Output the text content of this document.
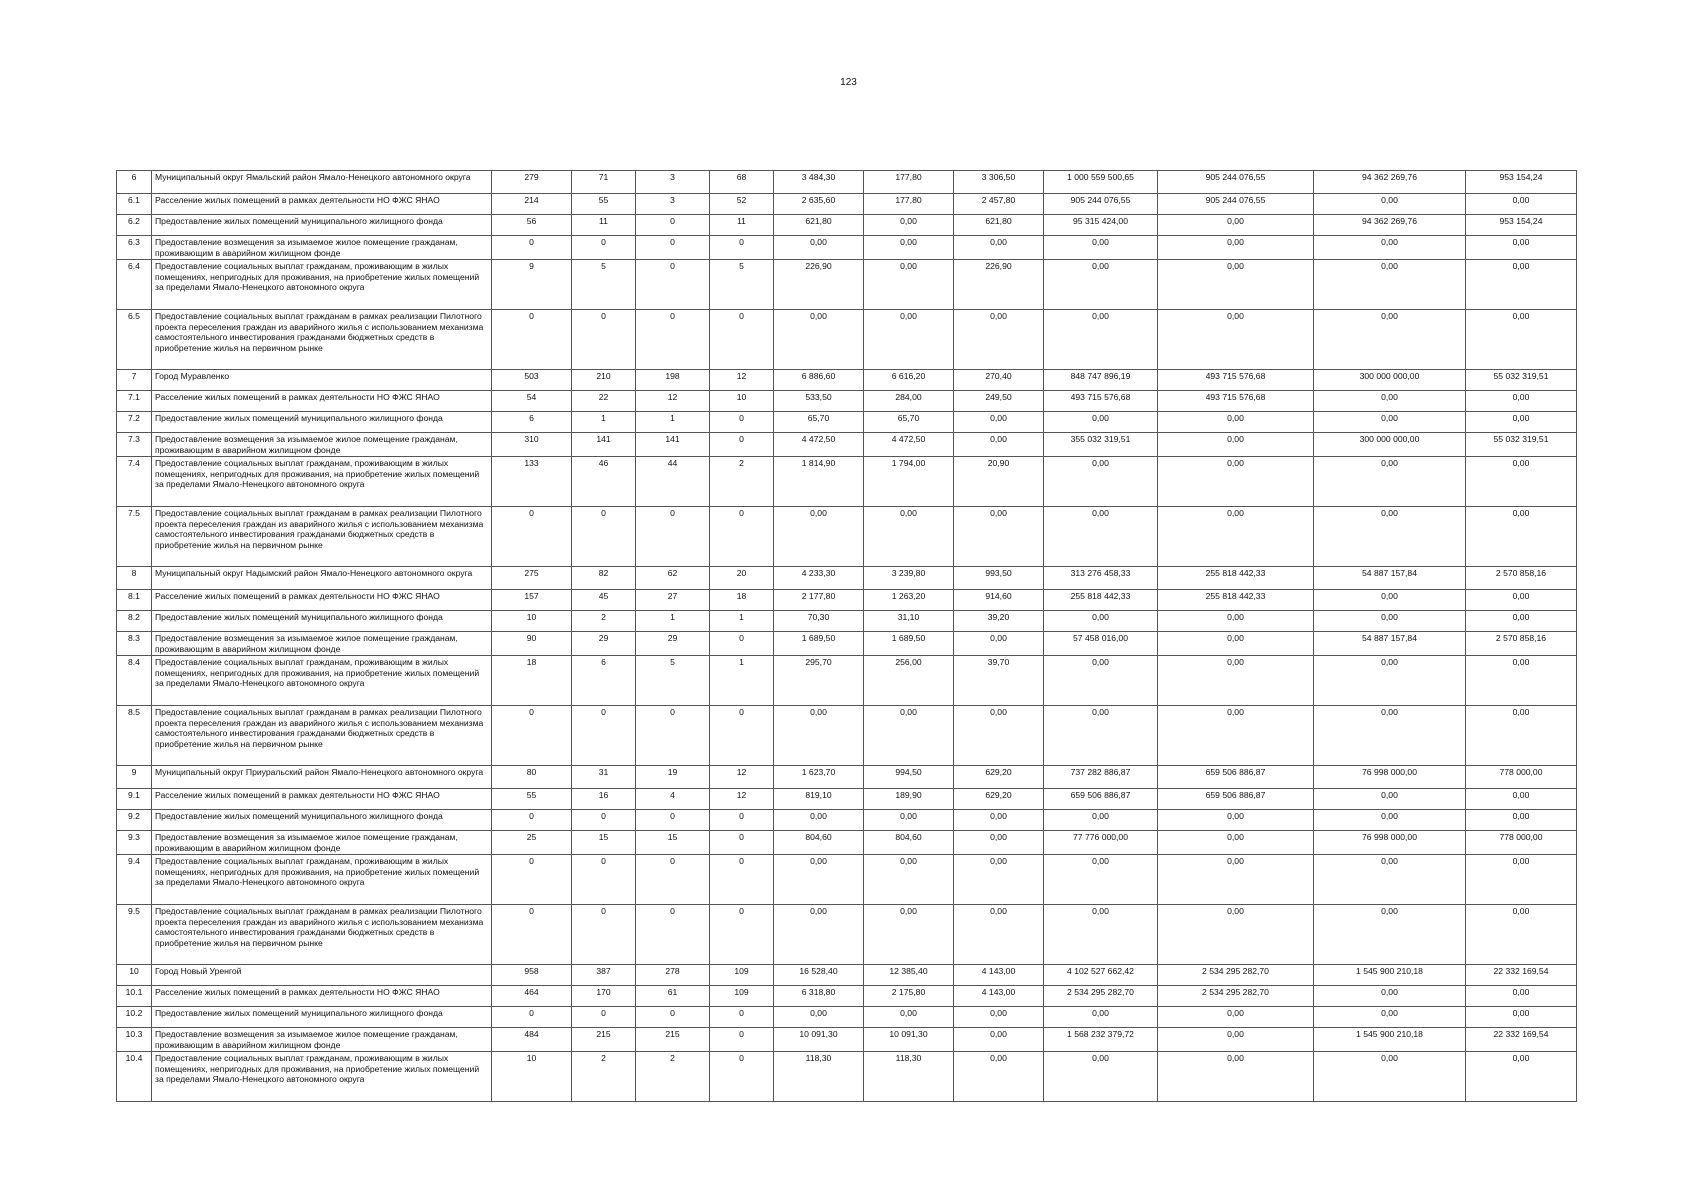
123
6	Муниципальный округ Ямальский район Ямало-Ненецкого автономного округа	279	71	3	68	3 484,30	177,80	3 306,50	1 000 559 500,65	905 244 076,55	94 362 269,76	953 154,24
6.1	Расселение жилых помещений в рамках деятельности НО ФЖС ЯНАО	214	55	3	52	2 635,60	177,80	2 457,80	905 244 076,55	905 244 076,55	0,00	0,00
6.2	Предоставление жилых помещений муниципального жилищного фонда	56	11	0	11	621,80	0,00	621,80	95 315 424,00	0,00	94 362 269,76	953 154,24
6.3	Предоставление возмещения за изымаемое жилое помещение гражданам, проживающим в аварийном жилищном фонде	0	0	0	0	0,00	0,00	0,00	0,00	0,00	0,00	0,00
6.4	Предоставление социальных выплат гражданам, проживающим в жилых помещениях, непригодных для проживания, на приобретение жилых помещений за пределами Ямало-Ненецкого автономного округа	9	5	0	5	226,90	0,00	226,90	0,00	0,00	0,00	0,00
6.5	Предоставление социальных выплат гражданам в рамках реализации Пилотного проекта переселения граждан из аварийного жилья с использованием механизма самостоятельного инвестирования гражданами бюджетных средств в приобретение жилья на первичном рынке	0	0	0	0	0,00	0,00	0,00	0,00	0,00	0,00	0,00
7	Город Муравленко	503	210	198	12	6 886,60	6 616,20	270,40	848 747 896,19	493 715 576,68	300 000 000,00	55 032 319,51
7.1	Расселение жилых помещений в рамках деятельности НО ФЖС ЯНАО	54	22	12	10	533,50	284,00	249,50	493 715 576,68	493 715 576,68	0,00	0,00
7.2	Предоставление жилых помещений муниципального жилищного фонда	6	1	1	0	65,70	65,70	0,00	0,00	0,00	0,00	0,00
7.3	Предоставление возмещения за изымаемое жилое помещение гражданам, проживающим в аварийном жилищном фонде	310	141	141	0	4 472,50	4 472,50	0,00	355 032 319,51	0,00	300 000 000,00	55 032 319,51
7.4	Предоставление социальных выплат гражданам, проживающим в жилых помещениях, непригодных для проживания, на приобретение жилых помещений за пределами Ямало-Ненецкого автономного округа	133	46	44	2	1 814,90	1 794,00	20,90	0,00	0,00	0,00	0,00
7.5	Предоставление социальных выплат гражданам в рамках реализации Пилотного проекта переселения граждан из аварийного жилья с использованием механизма самостоятельного инвестирования гражданами бюджетных средств в приобретение жилья на первичном рынке	0	0	0	0	0,00	0,00	0,00	0,00	0,00	0,00	0,00
8	Муниципальный округ Надымский район Ямало-Ненецкого автономного округа	275	82	62	20	4 233,30	3 239,80	993,50	313 276 458,33	255 818 442,33	54 887 157,84	2 570 858,16
8.1	Расселение жилых помещений в рамках деятельности НО ФЖС ЯНАО	157	45	27	18	2 177,80	1 263,20	914,60	255 818 442,33	255 818 442,33	0,00	0,00
8.2	Предоставление жилых помещений муниципального жилищного фонда	10	2	1	1	70,30	31,10	39,20	0,00	0,00	0,00	0,00
8.3	Предоставление возмещения за изымаемое жилое помещение гражданам, проживающим в аварийном жилищном фонде	90	29	29	0	1 689,50	1 689,50	0,00	57 458 016,00	0,00	54 887 157,84	2 570 858,16
8.4	Предоставление социальных выплат гражданам, проживающим в жилых помещениях, непригодных для проживания, на приобретение жилых помещений за пределами Ямало-Ненецкого автономного округа	18	6	5	1	295,70	256,00	39,70	0,00	0,00	0,00	0,00
8.5	Предоставление социальных выплат гражданам в рамках реализации Пилотного проекта переселения граждан из аварийного жилья с использованием механизма самостоятельного инвестирования гражданами бюджетных средств в приобретение жилья на первичном рынке	0	0	0	0	0,00	0,00	0,00	0,00	0,00	0,00	0,00
9	Муниципальный округ Приуральский район Ямало-Ненецкого автономного округа	80	31	19	12	1 623,70	994,50	629,20	737 282 886,87	659 506 886,87	76 998 000,00	778 000,00
9.1	Расселение жилых помещений в рамках деятельности НО ФЖС ЯНАО	55	16	4	12	819,10	189,90	629,20	659 506 886,87	659 506 886,87	0,00	0,00
9.2	Предоставление жилых помещений муниципального жилищного фонда	0	0	0	0	0,00	0,00	0,00	0,00	0,00	0,00	0,00
9.3	Предоставление возмещения за изымаемое жилое помещение гражданам, проживающим в аварийном жилищном фонде	25	15	15	0	804,60	804,60	0,00	77 776 000,00	0,00	76 998 000,00	778 000,00
9.4	Предоставление социальных выплат гражданам, проживающим в жилых помещениях, непригодных для проживания, на приобретение жилых помещений за пределами Ямало-Ненецкого автономного округа	0	0	0	0	0,00	0,00	0,00	0,00	0,00	0,00	0,00
9.5	Предоставление социальных выплат гражданам в рамках реализации Пилотного проекта переселения граждан из аварийного жилья с использованием механизма самостоятельного инвестирования гражданами бюджетных средств в приобретение жилья на первичном рынке	0	0	0	0	0,00	0,00	0,00	0,00	0,00	0,00	0,00
10	Город Новый Уренгой	958	387	278	109	16 528,40	12 385,40	4 143,00	4 102 527 662,42	2 534 295 282,70	1 545 900 210,18	22 332 169,54
10.1	Расселение жилых помещений в рамках деятельности НО ФЖС ЯНАО	464	170	61	109	6 318,80	2 175,80	4 143,00	2 534 295 282,70	2 534 295 282,70	0,00	0,00
10.2	Предоставление жилых помещений муниципального жилищного фонда	0	0	0	0	0,00	0,00	0,00	0,00	0,00	0,00	0,00
10.3	Предоставление возмещения за изымаемое жилое помещение гражданам, проживающим в аварийном жилищном фонде	484	215	215	0	10 091,30	10 091,30	0,00	1 568 232 379,72	0,00	1 545 900 210,18	22 332 169,54
10.4	Предоставление социальных выплат гражданам, проживающим в жилых помещениях, непригодных для проживания, на приобретение жилых помещений за пределами Ямало-Ненецкого автономного округа	10	2	2	0	118,30	118,30	0,00	0,00	0,00	0,00	0,00
